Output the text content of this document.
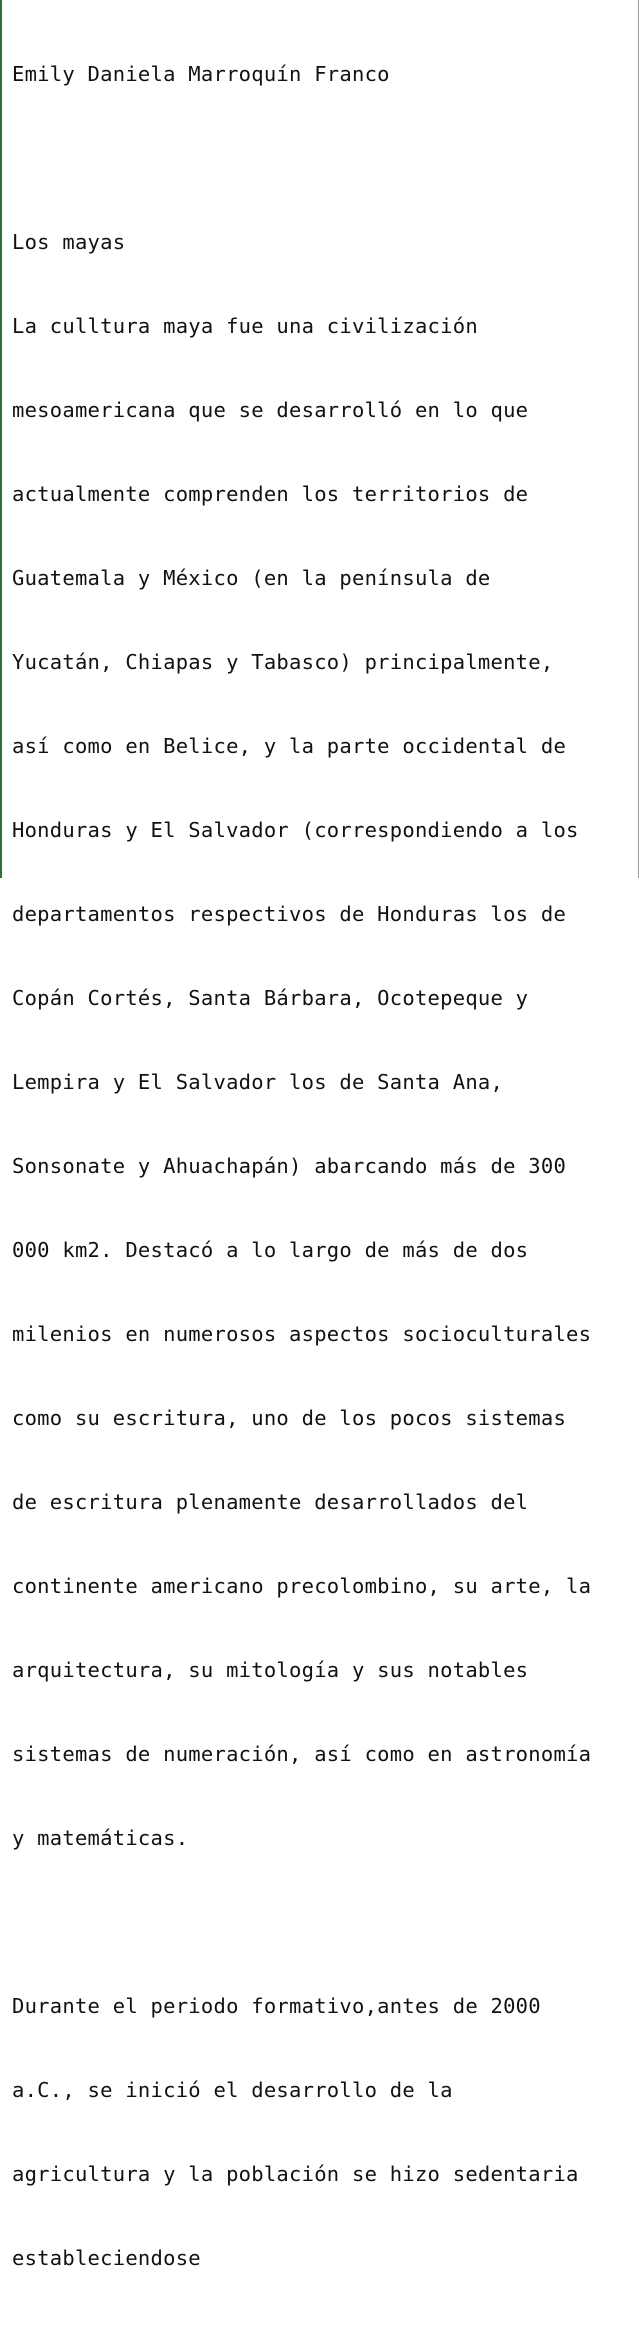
Emily Daniela Marroquín Franco

Los mayas

La culltura maya fue una civilización

mesoamericana que se desarrolló en lo que

actualmente comprenden los territorios de

Guatemala y México (en la península de

Yucatán, Chiapas y Tabasco) principalmente,

así como en Belice, y la parte occidental de

Honduras y El Salvador (correspondiendo a los

departamentos respectivos de Honduras los de

Copán Cortés, Santa Bárbara, Ocotepeque y

Lempira y El Salvador los de Santa Ana,

Sonsonate y Ahuachapán) abarcando más de 300

000 km2. Destacó a lo largo de más de dos

milenios en numerosos aspectos socioculturales

como su escritura, uno de los pocos sistemas

de escritura plenamente desarrollados del

continente americano precolombino, su arte, la

arquitectura, su mitología y sus notables

sistemas de numeración, así como en astronomía

y matemáticas.

Durante el periodo formativo,antes de 2000

a.C., se inició el desarrollo de la

agricultura y la población se hizo sedentaria

estableciendose
